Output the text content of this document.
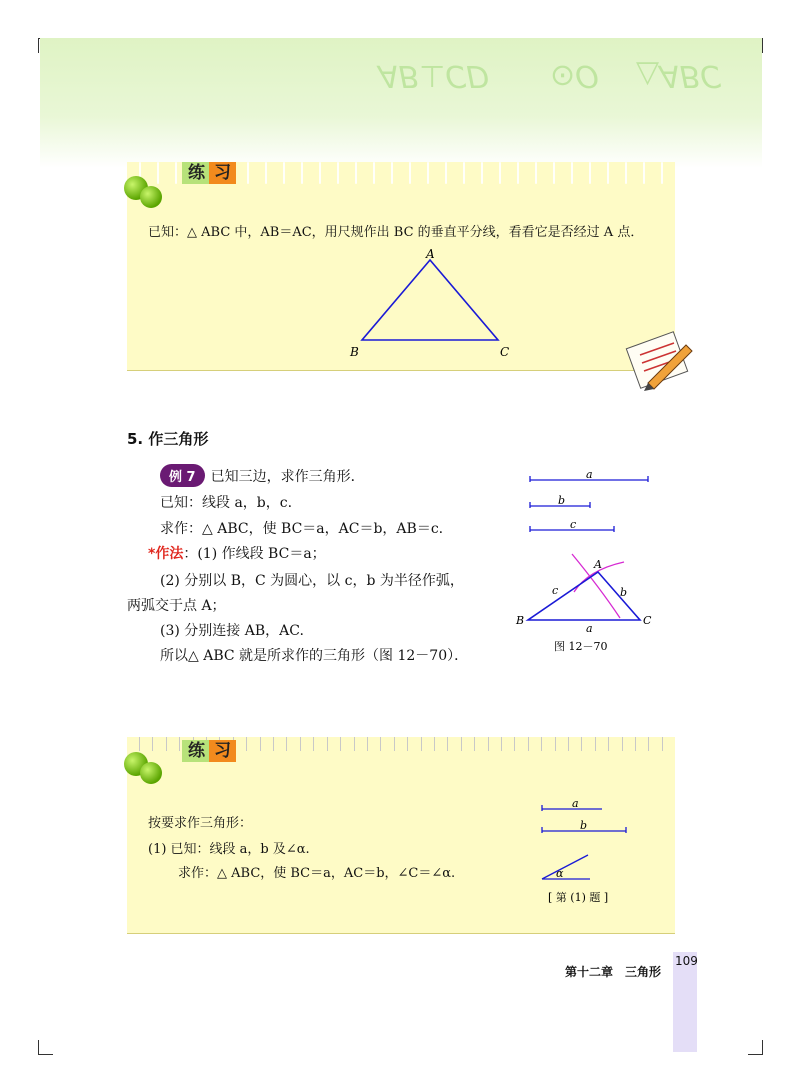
AB⊥CD ⊙O △ABC
练 习
已知：△ ABC 中，AB＝AC，用尺规作出 BC 的垂直平分线，看看它是否经过 A 点．
A
B	C
5. 作三角形
例 7 已知三边，求作三角形．
已知：线段 a，b，c.
求作：△ ABC，使 BC＝a，AC＝b，AB＝c.
*作法：(1) 作线段 BC＝a；
(2) 分别以 B，C 为圆心，以 c，b 为半径作弧，
两弧交于点 A；
(3) 分别连接 AB，AC.
所以△ ABC 就是所求作的三角形（图 12－70）．
a
b
c
A
B	C
c	b
a
图 12－70
练 习
按要求作三角形：
(1) 已知：线段 a，b 及∠α.
求作：△ ABC，使 BC＝a，AC＝b，∠C＝∠α.
a
b
α
[ 第 (1) 题 ]
109
第十二章　三角形
